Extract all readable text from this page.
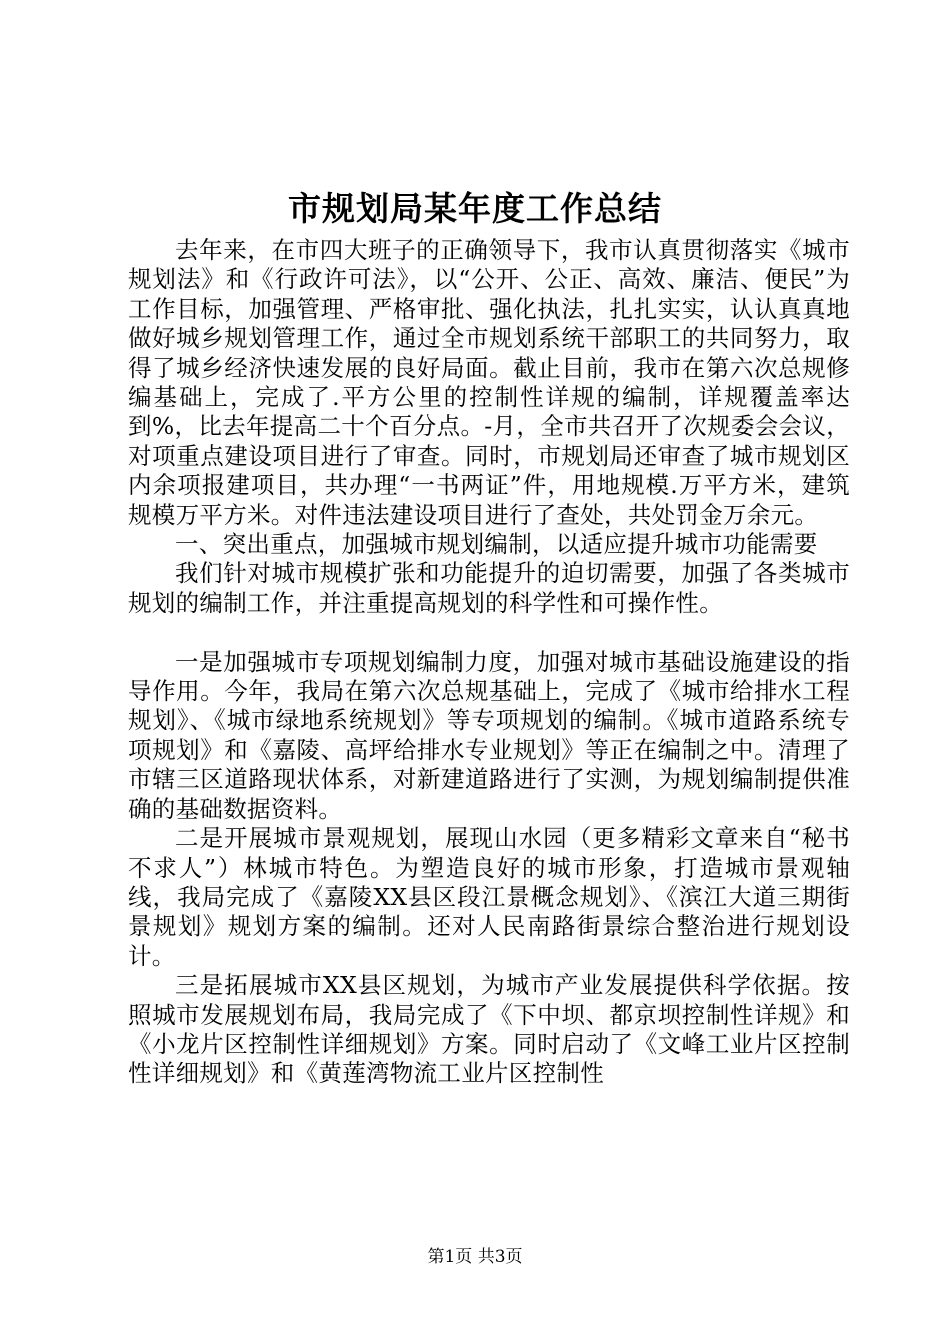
市规划局某年度工作总结

去年来，在市四大班子的正确领导下，我市认真贯彻落实《城市规划法》和《行政许可法》，以“公开、公正、高效、廉洁、便民”为工作目标，加强管理、严格审批、强化执法，扎扎实实，认认真真地做好城乡规划管理工作，通过全市规划系统干部职工的共同努力，取得了城乡经济快速发展的良好局面。截止目前，我市在第六次总规修编基础上，完成了.平方公里的控制性详规的编制，详规覆盖率达到%，比去年提高二十个百分点。-月，全市共召开了次规委会会议，对项重点建设项目进行了审查。同时，市规划局还审查了城市规划区内余项报建项目，共办理“一书两证”件，用地规模.万平方米，建筑规模万平方米。对件违法建设项目进行了查处，共处罚金万余元。

一、突出重点，加强城市规划编制，以适应提升城市功能需要

我们针对城市规模扩张和功能提升的迫切需要，加强了各类城市规划的编制工作，并注重提高规划的科学性和可操作性。

一是加强城市专项规划编制力度，加强对城市基础设施建设的指导作用。今年，我局在第六次总规基础上，完成了《城市给排水工程规划》、《城市绿地系统规划》等专项规划的编制。《城市道路系统专项规划》和《嘉陵、高坪给排水专业规划》等正在编制之中。清理了市辖三区道路现状体系，对新建道路进行了实测，为规划编制提供准确的基础数据资料。

二是开展城市景观规划，展现山水园（更多精彩文章来自“秘书不求人”）林城市特色。为塑造良好的城市形象，打造城市景观轴线，我局完成了《嘉陵XX县区段江景概念规划》、《滨江大道三期街景规划》规划方案的编制。还对人民南路街景综合整治进行规划设计。

三是拓展城市XX县区规划，为城市产业发展提供科学依据。按照城市发展规划布局，我局完成了《下中坝、都京坝控制性详规》和《小龙片区控制性详细规划》方案。同时启动了《文峰工业片区控制性详细规划》和《黄莲湾物流工业片区控制性

第1页 共3页
